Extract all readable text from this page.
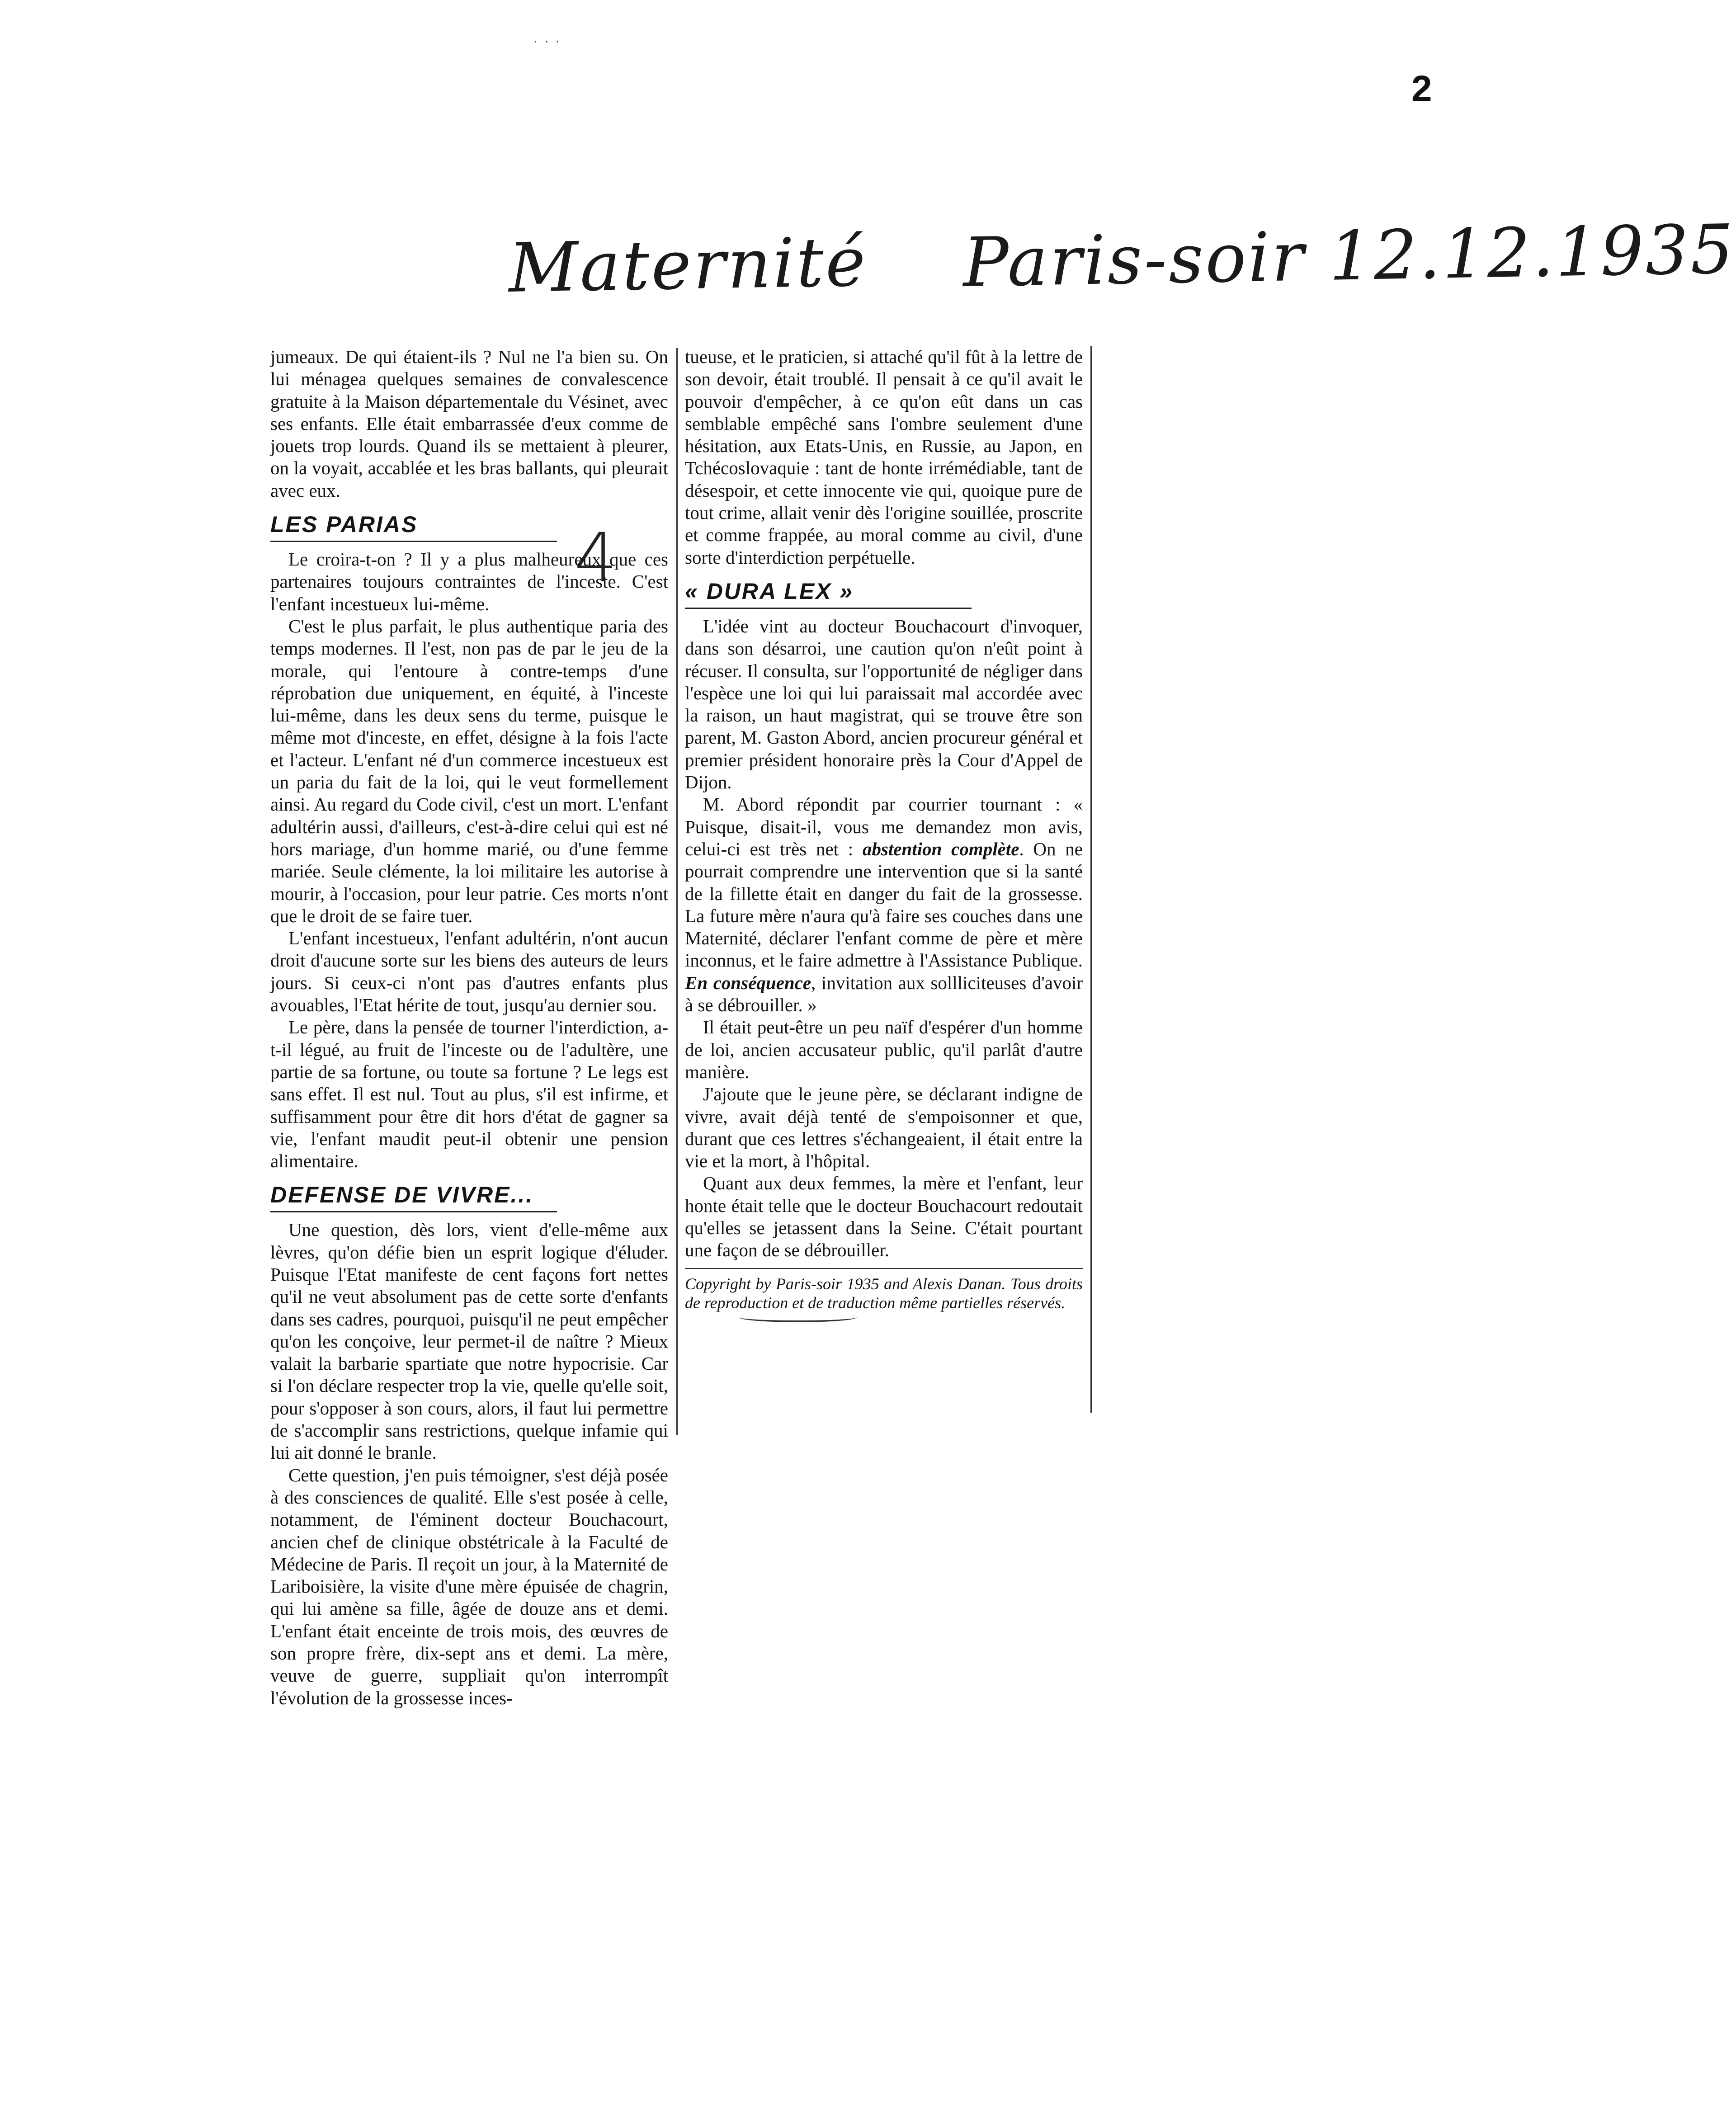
· · ·
2
Maternité Paris-soir 12.12.1935
4

jumeaux. De qui étaient-ils ? Nul ne l'a bien su. On lui ménagea quelques semaines de convalescence gratuite à la Maison départementale du Vésinet, avec ses enfants. Elle était embarrassée d'eux comme de jouets trop lourds. Quand ils se mettaient à pleurer, on la voyait, accablée et les bras ballants, qui pleurait avec eux.

LES PARIAS

Le croira-t-on ? Il y a plus malheureux que ces partenaires toujours contraintes de l'inceste. C'est l'enfant incestueux lui-même.

C'est le plus parfait, le plus authentique paria des temps modernes. Il l'est, non pas de par le jeu de la morale, qui l'entoure à contre-temps d'une réprobation due uniquement, en équité, à l'inceste lui-même, dans les deux sens du terme, puisque le même mot d'inceste, en effet, désigne à la fois l'acte et l'acteur. L'enfant né d'un commerce incestueux est un paria du fait de la loi, qui le veut formellement ainsi. Au regard du Code civil, c'est un mort. L'enfant adultérin aussi, d'ailleurs, c'est-à-dire celui qui est né hors mariage, d'un homme marié, ou d'une femme mariée. Seule clémente, la loi militaire les autorise à mourir, à l'occasion, pour leur patrie. Ces morts n'ont que le droit de se faire tuer.

L'enfant incestueux, l'enfant adultérin, n'ont aucun droit d'aucune sorte sur les biens des auteurs de leurs jours. Si ceux-ci n'ont pas d'autres enfants plus avouables, l'Etat hérite de tout, jusqu'au dernier sou.

Le père, dans la pensée de tourner l'interdiction, a-t-il légué, au fruit de l'inceste ou de l'adultère, une partie de sa fortune, ou toute sa fortune ? Le legs est sans effet. Il est nul. Tout au plus, s'il est infirme, et suffisamment pour être dit hors d'état de gagner sa vie, l'enfant maudit peut-il obtenir une pension alimentaire.

DEFENSE DE VIVRE...

Une question, dès lors, vient d'elle-même aux lèvres, qu'on défie bien un esprit logique d'éluder. Puisque l'Etat manifeste de cent façons fort nettes qu'il ne veut absolument pas de cette sorte d'enfants dans ses cadres, pourquoi, puisqu'il ne peut empêcher qu'on les conçoive, leur permet-il de naître ? Mieux valait la barbarie spartiate que notre hypocrisie. Car si l'on déclare respecter trop la vie, quelle qu'elle soit, pour s'opposer à son cours, alors, il faut lui permettre de s'accomplir sans restrictions, quelque infamie qui lui ait donné le branle.

Cette question, j'en puis témoigner, s'est déjà posée à des consciences de qualité. Elle s'est posée à celle, notamment, de l'éminent docteur Bouchacourt, ancien chef de clinique obstétricale à la Faculté de Médecine de Paris. Il reçoit un jour, à la Maternité de Lariboisière, la visite d'une mère épuisée de chagrin, qui lui amène sa fille, âgée de douze ans et demi. L'enfant était enceinte de trois mois, des œuvres de son propre frère, dix-sept ans et demi. La mère, veuve de guerre, suppliait qu'on interrompît l'évolution de la grossesse inces-

tueuse, et le praticien, si attaché qu'il fût à la lettre de son devoir, était troublé. Il pensait à ce qu'il avait le pouvoir d'empêcher, à ce qu'on eût dans un cas semblable empêché sans l'ombre seulement d'une hésitation, aux Etats-Unis, en Russie, au Japon, en Tchécoslovaquie : tant de honte irrémédiable, tant de désespoir, et cette innocente vie qui, quoique pure de tout crime, allait venir dès l'origine souillée, proscrite et comme frappée, au moral comme au civil, d'une sorte d'interdiction perpétuelle.

« DURA LEX »

L'idée vint au docteur Bouchacourt d'invoquer, dans son désarroi, une caution qu'on n'eût point à récuser. Il consulta, sur l'opportunité de négliger dans l'espèce une loi qui lui paraissait mal accordée avec la raison, un haut magistrat, qui se trouve être son parent, M. Gaston Abord, ancien procureur général et premier président honoraire près la Cour d'Appel de Dijon.

M. Abord répondit par courrier tournant : « Puisque, disait-il, vous me demandez mon avis, celui-ci est très net : abstention complète. On ne pourrait comprendre une intervention que si la santé de la fillette était en danger du fait de la grossesse. La future mère n'aura qu'à faire ses couches dans une Maternité, déclarer l'enfant comme de père et mère inconnus, et le faire admettre à l'Assistance Publique. En conséquence, invitation aux sollliciteuses d'avoir à se débrouiller. »

Il était peut-être un peu naïf d'espérer d'un homme de loi, ancien accusateur public, qu'il parlât d'autre manière.

J'ajoute que le jeune père, se déclarant indigne de vivre, avait déjà tenté de s'empoisonner et que, durant que ces lettres s'échangeaient, il était entre la vie et la mort, à l'hôpital.

Quant aux deux femmes, la mère et l'enfant, leur honte était telle que le docteur Bouchacourt redoutait qu'elles se jetassent dans la Seine. C'était pourtant une façon de se débrouiller.

Copyright by Paris-soir 1935 and Alexis Danan. Tous droits de reproduction et de traduction même partielles réservés.
